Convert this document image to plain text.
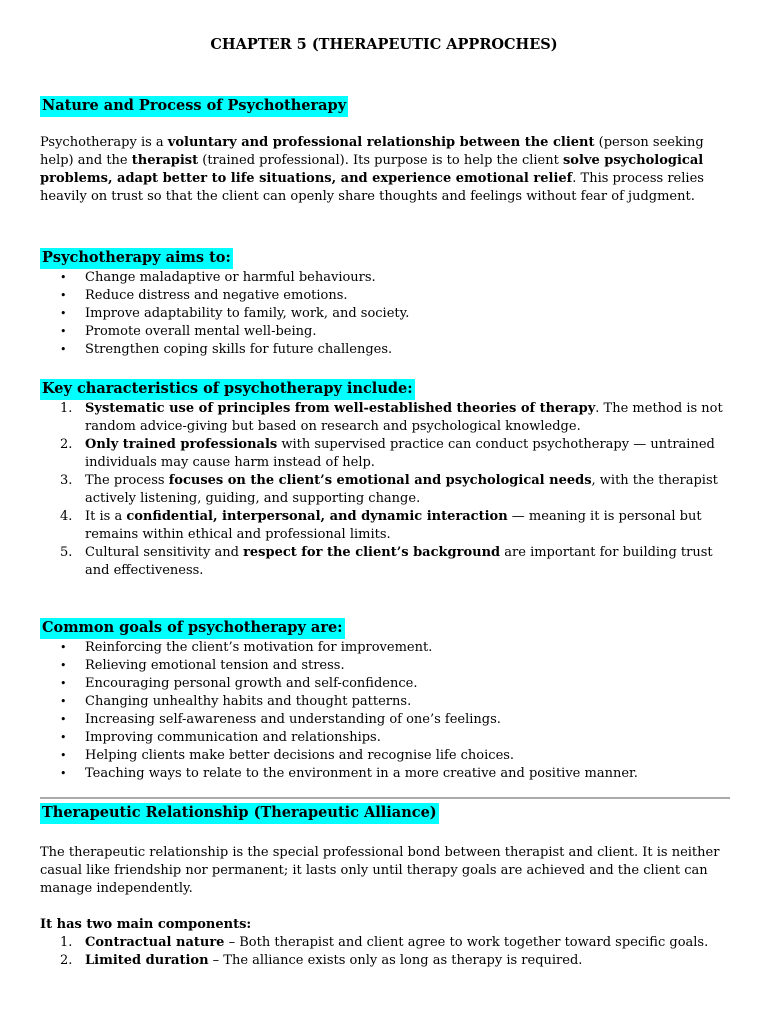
CHAPTER 5 (THERAPEUTIC APPROCHES)
Nature and Process of Psychotherapy

Psychotherapy is a voluntary and professional relationship between the client (person seeking help) and the therapist (trained professional). Its purpose is to help the client solve psychological problems, adapt better to life situations, and experience emotional relief. This process relies heavily on trust so that the client can openly share thoughts and feelings without fear of judgment.

Psychotherapy aims to:
• Change maladaptive or harmful behaviours.
• Reduce distress and negative emotions.
• Improve adaptability to family, work, and society.
• Promote overall mental well-being.
• Strengthen coping skills for future challenges.
Key characteristics of psychotherapy include:
1. Systematic use of principles from well-established theories of therapy. The method is not random advice-giving but based on research and psychological knowledge.
2. Only trained professionals with supervised practice can conduct psychotherapy — untrained individuals may cause harm instead of help.
3. The process focuses on the client’s emotional and psychological needs, with the therapist actively listening, guiding, and supporting change.
4. It is a confidential, interpersonal, and dynamic interaction — meaning it is personal but remains within ethical and professional limits.
5. Cultural sensitivity and respect for the client’s background are important for building trust and effectiveness.
Common goals of psychotherapy are:
• Reinforcing the client’s motivation for improvement.
• Relieving emotional tension and stress.
• Encouraging personal growth and self-confidence.
• Changing unhealthy habits and thought patterns.
• Increasing self-awareness and understanding of one’s feelings.
• Improving communication and relationships.
• Helping clients make better decisions and recognise life choices.
• Teaching ways to relate to the environment in a more creative and positive manner.
Therapeutic Relationship (Therapeutic Alliance)

The therapeutic relationship is the special professional bond between therapist and client. It is neither casual like friendship nor permanent; it lasts only until therapy goals are achieved and the client can manage independently.

It has two main components:

1. Contractual nature – Both therapist and client agree to work together toward specific goals.
2. Limited duration – The alliance exists only as long as therapy is required.
